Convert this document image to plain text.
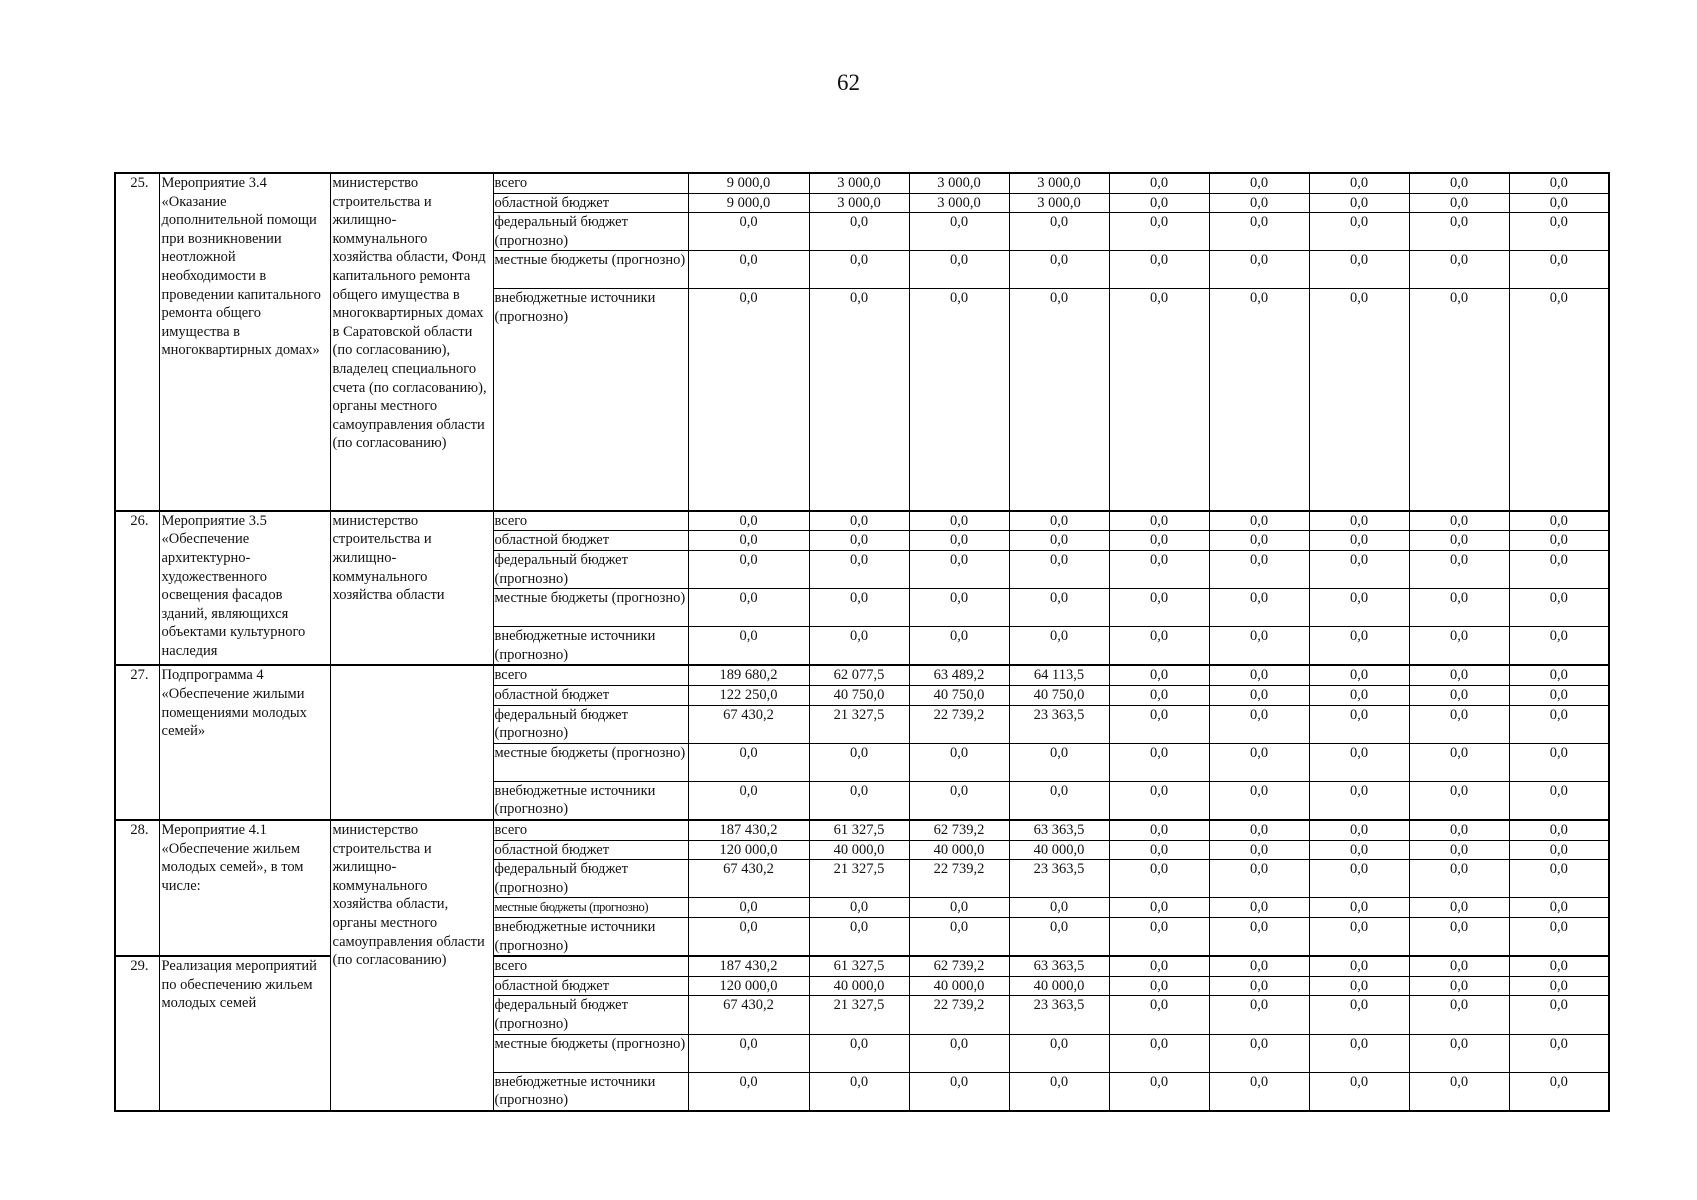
62
25.	Мероприятие 3.4 «Оказание дополнительной помощи при возникновении неотложной необходимости в проведении капитального ремонта общего имущества в многоквартирных домах»	министерство строительства и жилищно-коммунального хозяйства области, Фонд капитального ремонта общего имущества в многоквартирных домах в Саратовской области (по согласованию), владелец специального счета (по согласованию), органы местного самоуправления области (по согласованию)	всего	9 000,0	3 000,0	3 000,0	3 000,0	0,0	0,0	0,0	0,0	0,0
			областной бюджет	9 000,0	3 000,0	3 000,0	3 000,0	0,0	0,0	0,0	0,0	0,0
			федеральный бюджет (прогнозно)	0,0	0,0	0,0	0,0	0,0	0,0	0,0	0,0	0,0
			местные бюджеты (прогнозно)	0,0	0,0	0,0	0,0	0,0	0,0	0,0	0,0	0,0
			внебюджетные источники (прогнозно)	0,0	0,0	0,0	0,0	0,0	0,0	0,0	0,0	0,0
26.	Мероприятие 3.5 «Обеспечение архитектурно-художественного освещения фасадов зданий, являющихся объектами культурного наследия	министерство строительства и жилищно-коммунального хозяйства области	всего	0,0	0,0	0,0	0,0	0,0	0,0	0,0	0,0	0,0
			областной бюджет	0,0	0,0	0,0	0,0	0,0	0,0	0,0	0,0	0,0
			федеральный бюджет (прогнозно)	0,0	0,0	0,0	0,0	0,0	0,0	0,0	0,0	0,0
			местные бюджеты (прогнозно)	0,0	0,0	0,0	0,0	0,0	0,0	0,0	0,0	0,0
			внебюджетные источники (прогнозно)	0,0	0,0	0,0	0,0	0,0	0,0	0,0	0,0	0,0
27.	Подпрограмма 4 «Обеспечение жилыми помещениями молодых семей»		всего	189 680,2	62 077,5	63 489,2	64 113,5	0,0	0,0	0,0	0,0	0,0
			областной бюджет	122 250,0	40 750,0	40 750,0	40 750,0	0,0	0,0	0,0	0,0	0,0
			федеральный бюджет (прогнозно)	67 430,2	21 327,5	22 739,2	23 363,5	0,0	0,0	0,0	0,0	0,0
			местные бюджеты (прогнозно)	0,0	0,0	0,0	0,0	0,0	0,0	0,0	0,0	0,0
			внебюджетные источники (прогнозно)	0,0	0,0	0,0	0,0	0,0	0,0	0,0	0,0	0,0
28.	Мероприятие 4.1 «Обеспечение жильем молодых семей», в том числе:	министерство строительства и жилищно-коммунального хозяйства области, органы местного самоуправления области (по согласованию)	всего	187 430,2	61 327,5	62 739,2	63 363,5	0,0	0,0	0,0	0,0	0,0
			областной бюджет	120 000,0	40 000,0	40 000,0	40 000,0	0,0	0,0	0,0	0,0	0,0
			федеральный бюджет (прогнозно)	67 430,2	21 327,5	22 739,2	23 363,5	0,0	0,0	0,0	0,0	0,0
			местные бюджеты (прогнозно)	0,0	0,0	0,0	0,0	0,0	0,0	0,0	0,0	0,0
			внебюджетные источники (прогнозно)	0,0	0,0	0,0	0,0	0,0	0,0	0,0	0,0	0,0
29.	Реализация мероприятий по обеспечению жильем молодых семей		всего	187 430,2	61 327,5	62 739,2	63 363,5	0,0	0,0	0,0	0,0	0,0
			областной бюджет	120 000,0	40 000,0	40 000,0	40 000,0	0,0	0,0	0,0	0,0	0,0
			федеральный бюджет (прогнозно)	67 430,2	21 327,5	22 739,2	23 363,5	0,0	0,0	0,0	0,0	0,0
			местные бюджеты (прогнозно)	0,0	0,0	0,0	0,0	0,0	0,0	0,0	0,0	0,0
			внебюджетные источники (прогнозно)	0,0	0,0	0,0	0,0	0,0	0,0	0,0	0,0	0,0
